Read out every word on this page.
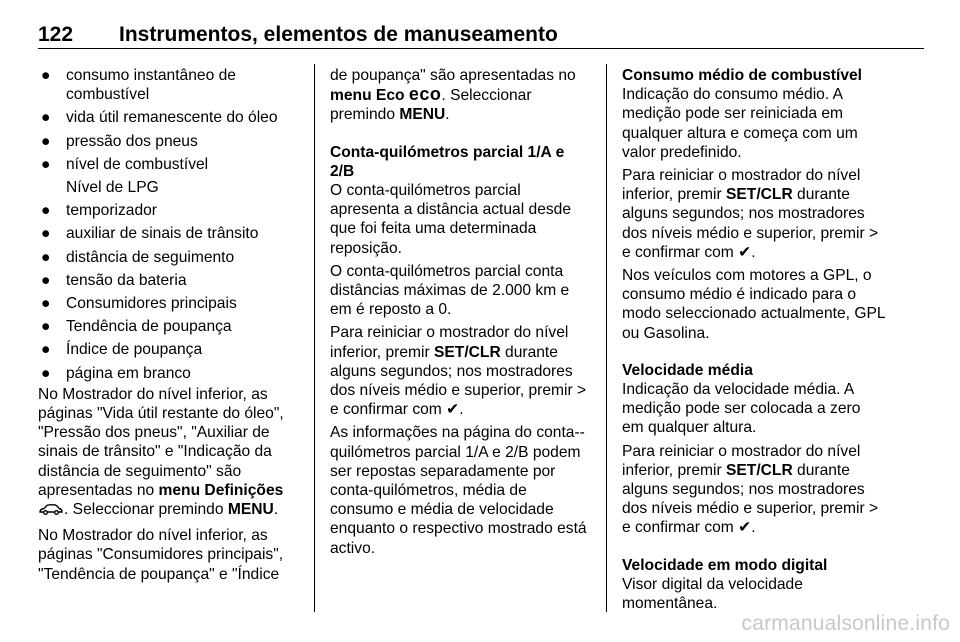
122 Instrumentos, elementos de manuseamento
● consumo instantâneo de combustível
● vida útil remanescente do óleo
● pressão dos pneus
● nível de combustível
Nível de LPG
● temporizador
● auxiliar de sinais de trânsito
● distância de seguimento
● tensão da bateria
● Consumidores principais
● Tendência de poupança
● Índice de poupança
● página em branco

No Mostrador do nível inferior, as páginas "Vida útil restante do óleo", "Pressão dos pneus", "Auxiliar de sinais de trânsito" e "Indicação da distância de seguimento" são apresentadas no menu Definições
. Seleccionar premindo MENU.

No Mostrador do nível inferior, as páginas "Consumidores principais", "Tendência de poupança" e "Índice

de poupança" são apresentadas no menu Eco eco. Seleccionar premindo MENU.

Conta-quilómetros parcial 1/A e 2/B

O conta-quilómetros parcial apresenta a distância actual desde que foi feita uma determinada reposição.

O conta-quilómetros parcial conta distâncias máximas de 2.000 km e em é reposto a 0.

Para reiniciar o mostrador do nível inferior, premir SET/CLR durante alguns segundos; nos mostradores dos níveis médio e superior, premir > e confirmar com ✔.

As informações na página do conta--quilómetros parcial 1/A e 2/B podem ser repostas separadamente por conta-quilómetros, média de consumo e média de velocidade enquanto o respectivo mostrado está activo.

Consumo médio de combustível

Indicação do consumo médio. A medição pode ser reiniciada em qualquer altura e começa com um valor predefinido.

Para reiniciar o mostrador do nível inferior, premir SET/CLR durante alguns segundos; nos mostradores dos níveis médio e superior, premir > e confirmar com ✔.

Nos veículos com motores a GPL, o consumo médio é indicado para o modo seleccionado actualmente, GPL ou Gasolina.

Velocidade média

Indicação da velocidade média. A medição pode ser colocada a zero em qualquer altura.

Para reiniciar o mostrador do nível inferior, premir SET/CLR durante alguns segundos; nos mostradores dos níveis médio e superior, premir > e confirmar com ✔.

Velocidade em modo digital

Visor digital da velocidade momentânea.

carmanualsonline.info
